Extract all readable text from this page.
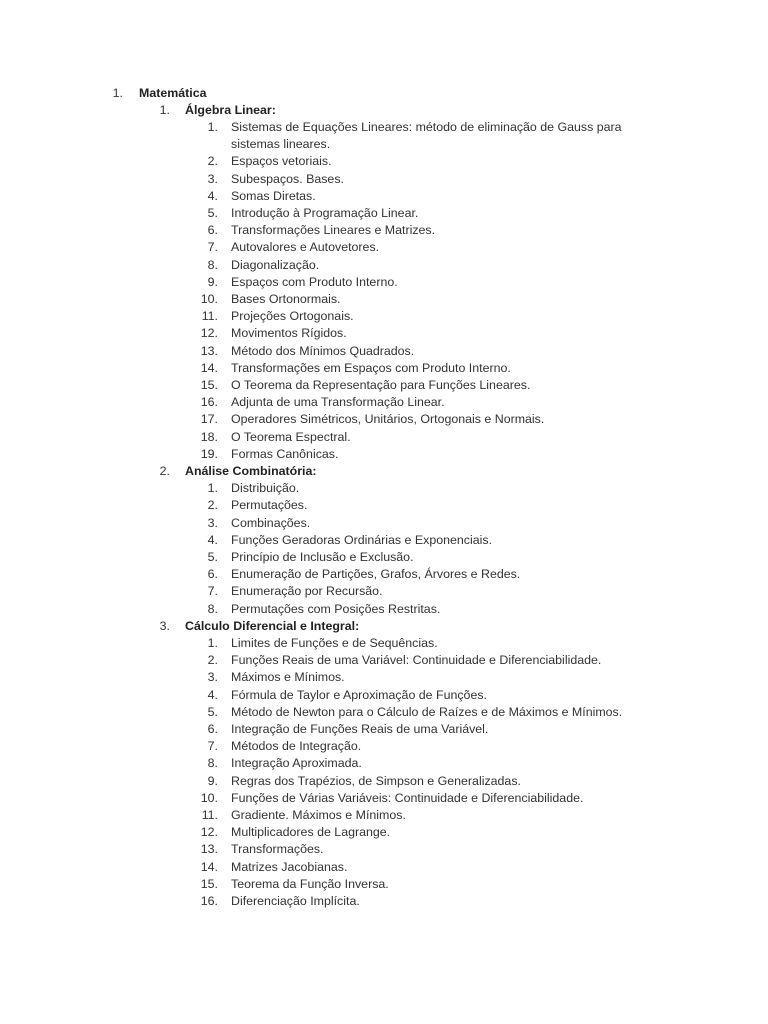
1. Matemática
1. Álgebra Linear:
1. Sistemas de Equações Lineares: método de eliminação de Gauss para
sistemas lineares.
2. Espaços vetoriais.
3. Subespaços. Bases.
4. Somas Diretas.
5. Introdução à Programação Linear.
6. Transformações Lineares e Matrizes.
7. Autovalores e Autovetores.
8. Diagonalização.
9. Espaços com Produto Interno.
10. Bases Ortonormais.
11. Projeções Ortogonais.
12. Movimentos Rígidos.
13. Método dos Mínimos Quadrados.
14. Transformações em Espaços com Produto Interno.
15. O Teorema da Representação para Funções Lineares.
16. Adjunta de uma Transformação Linear.
17. Operadores Simétricos, Unitários, Ortogonais e Normais.
18. O Teorema Espectral.
19. Formas Canônicas.
2. Análise Combinatória:
1. Distribuição.
2. Permutações.
3. Combinações.
4. Funções Geradoras Ordinárias e Exponenciais.
5. Princípio de Inclusão e Exclusão.
6. Enumeração de Partições, Grafos, Árvores e Redes.
7. Enumeração por Recursão.
8. Permutações com Posições Restritas.
3. Cálculo Diferencial e Integral:
1. Limites de Funções e de Sequências.
2. Funções Reais de uma Variável: Continuidade e Diferenciabilidade.
3. Máximos e Mínimos.
4. Fórmula de Taylor e Aproximação de Funções.
5. Método de Newton para o Cálculo de Raízes e de Máximos e Mínimos.
6. Integração de Funções Reais de uma Variável.
7. Métodos de Integração.
8. Integração Aproximada.
9. Regras dos Trapézios, de Simpson e Generalizadas.
10. Funções de Várias Variáveis: Continuidade e Diferenciabilidade.
11. Gradiente. Máximos e Mínimos.
12. Multiplicadores de Lagrange.
13. Transformações.
14. Matrizes Jacobianas.
15. Teorema da Função Inversa.
16. Diferenciação Implícita.
